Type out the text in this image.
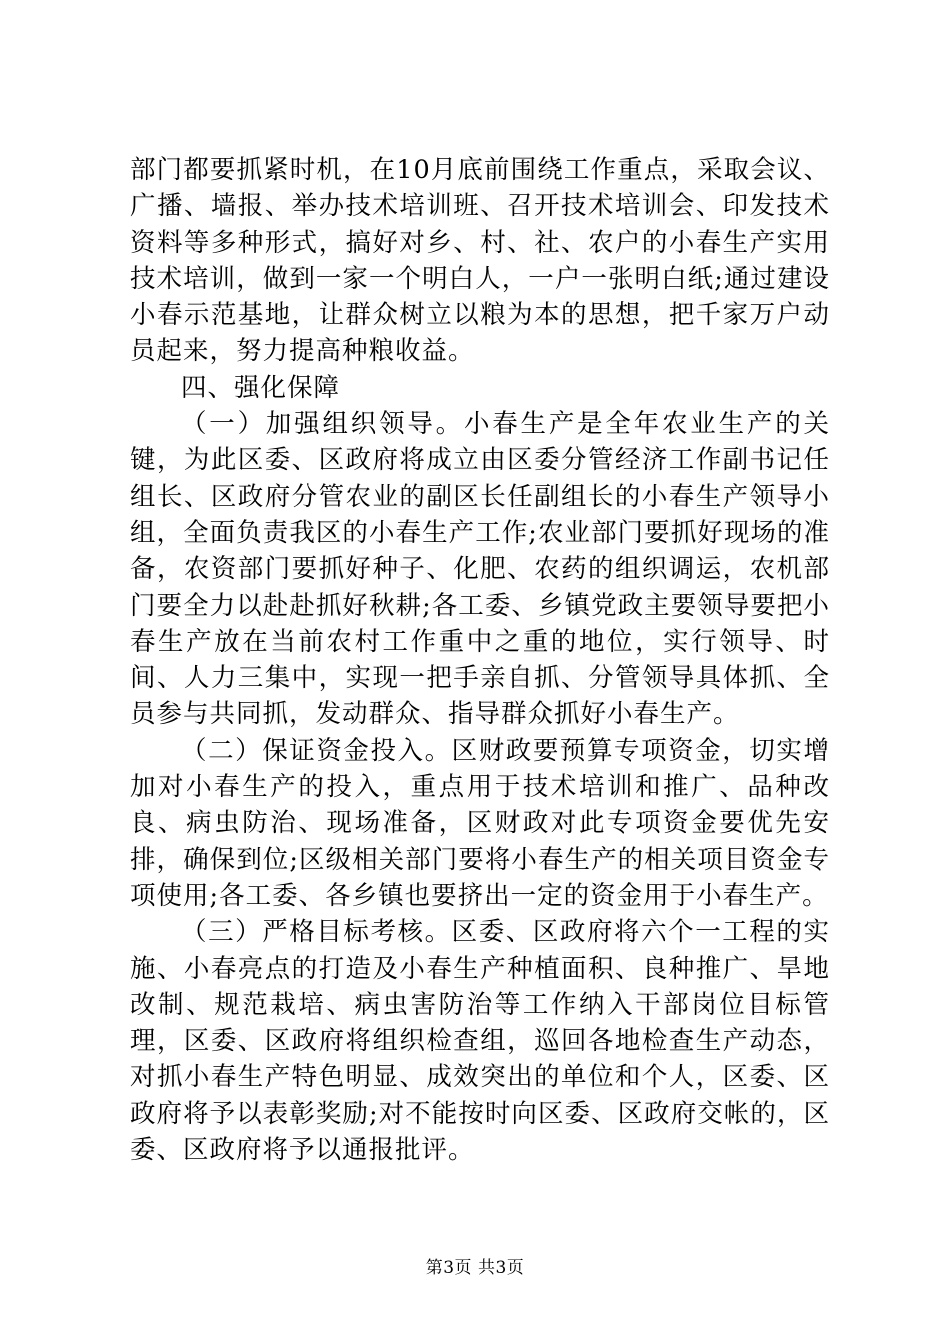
部门都要抓紧时机，在10月底前围绕工作重点，采取会议、广播、墙报、举办技术培训班、召开技术培训会、印发技术资料等多种形式，搞好对乡、村、社、农户的小春生产实用技术培训，做到一家一个明白人，一户一张明白纸;通过建设小春示范基地，让群众树立以粮为本的思想，把千家万户动员起来，努力提高种粮收益。

四、强化保障

（一）加强组织领导。小春生产是全年农业生产的关键，为此区委、区政府将成立由区委分管经济工作副书记任组长、区政府分管农业的副区长任副组长的小春生产领导小组，全面负责我区的小春生产工作;农业部门要抓好现场的准备，农资部门要抓好种子、化肥、农药的组织调运，农机部门要全力以赴赴抓好秋耕;各工委、乡镇党政主要领导要把小春生产放在当前农村工作重中之重的地位，实行领导、时间、人力三集中，实现一把手亲自抓、分管领导具体抓、全员参与共同抓，发动群众、指导群众抓好小春生产。

（二）保证资金投入。区财政要预算专项资金，切实增加对小春生产的投入，重点用于技术培训和推广、品种改良、病虫防治、现场准备，区财政对此专项资金要优先安排，确保到位;区级相关部门要将小春生产的相关项目资金专项使用;各工委、各乡镇也要挤出一定的资金用于小春生产。

（三）严格目标考核。区委、区政府将六个一工程的实施、小春亮点的打造及小春生产种植面积、良种推广、旱地改制、规范栽培、病虫害防治等工作纳入干部岗位目标管理，区委、区政府将组织检查组，巡回各地检查生产动态，对抓小春生产特色明显、成效突出的单位和个人，区委、区政府将予以表彰奖励;对不能按时向区委、区政府交帐的，区委、区政府将予以通报批评。

第3页 共3页
